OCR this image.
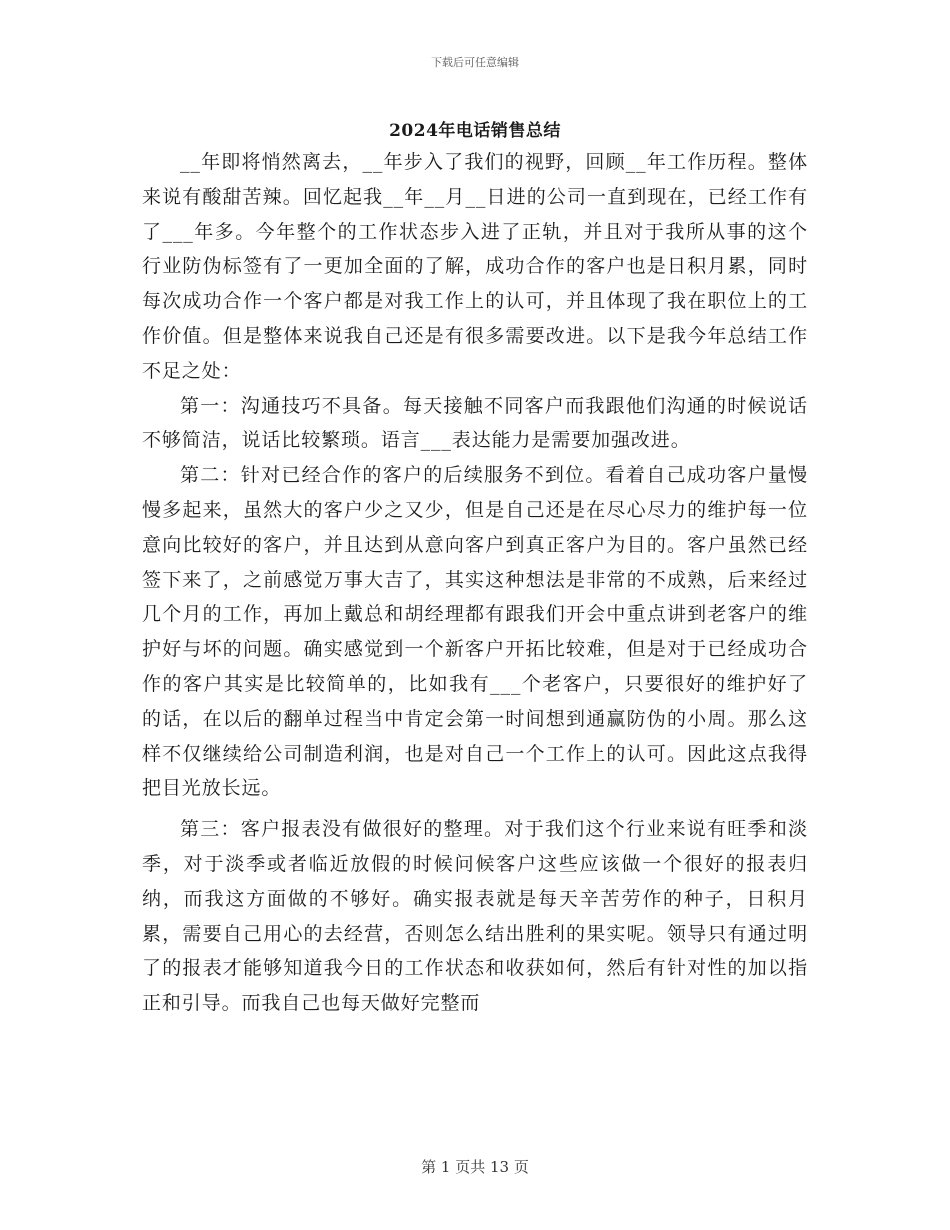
下载后可任意编辑
2024年电话销售总结

__年即将悄然离去，__年步入了我们的视野，回顾__年工作历程。整体来说有酸甜苦辣。回忆起我__年__月__日进的公司一直到现在，已经工作有了___年多。今年整个的工作状态步入进了正轨，并且对于我所从事的这个行业防伪标签有了一更加全面的了解，成功合作的客户也是日积月累，同时每次成功合作一个客户都是对我工作上的认可，并且体现了我在职位上的工作价值。但是整体来说我自己还是有很多需要改进。以下是我今年总结工作不足之处：

第一：沟通技巧不具备。每天接触不同客户而我跟他们沟通的时候说话不够简洁，说话比较繁琐。语言___表达能力是需要加强改进。

第二：针对已经合作的客户的后续服务不到位。看着自己成功客户量慢慢多起来，虽然大的客户少之又少，但是自己还是在尽心尽力的维护每一位意向比较好的客户，并且达到从意向客户到真正客户为目的。客户虽然已经签下来了，之前感觉万事大吉了，其实这种想法是非常的不成熟，后来经过几个月的工作，再加上戴总和胡经理都有跟我们开会中重点讲到老客户的维护好与坏的问题。确实感觉到一个新客户开拓比较难，但是对于已经成功合作的客户其实是比较简单的，比如我有___个老客户，只要很好的维护好了的话，在以后的翻单过程当中肯定会第一时间想到通赢防伪的小周。那么这样不仅继续给公司制造利润，也是对自己一个工作上的认可。因此这点我得把目光放长远。

第三：客户报表没有做很好的整理。对于我们这个行业来说有旺季和淡季，对于淡季或者临近放假的时候问候客户这些应该做一个很好的报表归纳，而我这方面做的不够好。确实报表就是每天辛苦劳作的种子，日积月累，需要自己用心的去经营，否则怎么结出胜利的果实呢。领导只有通过明了的报表才能够知道我今日的工作状态和收获如何，然后有针对性的加以指正和引导。而我自己也每天做好完整而

第 1 页共 13 页
